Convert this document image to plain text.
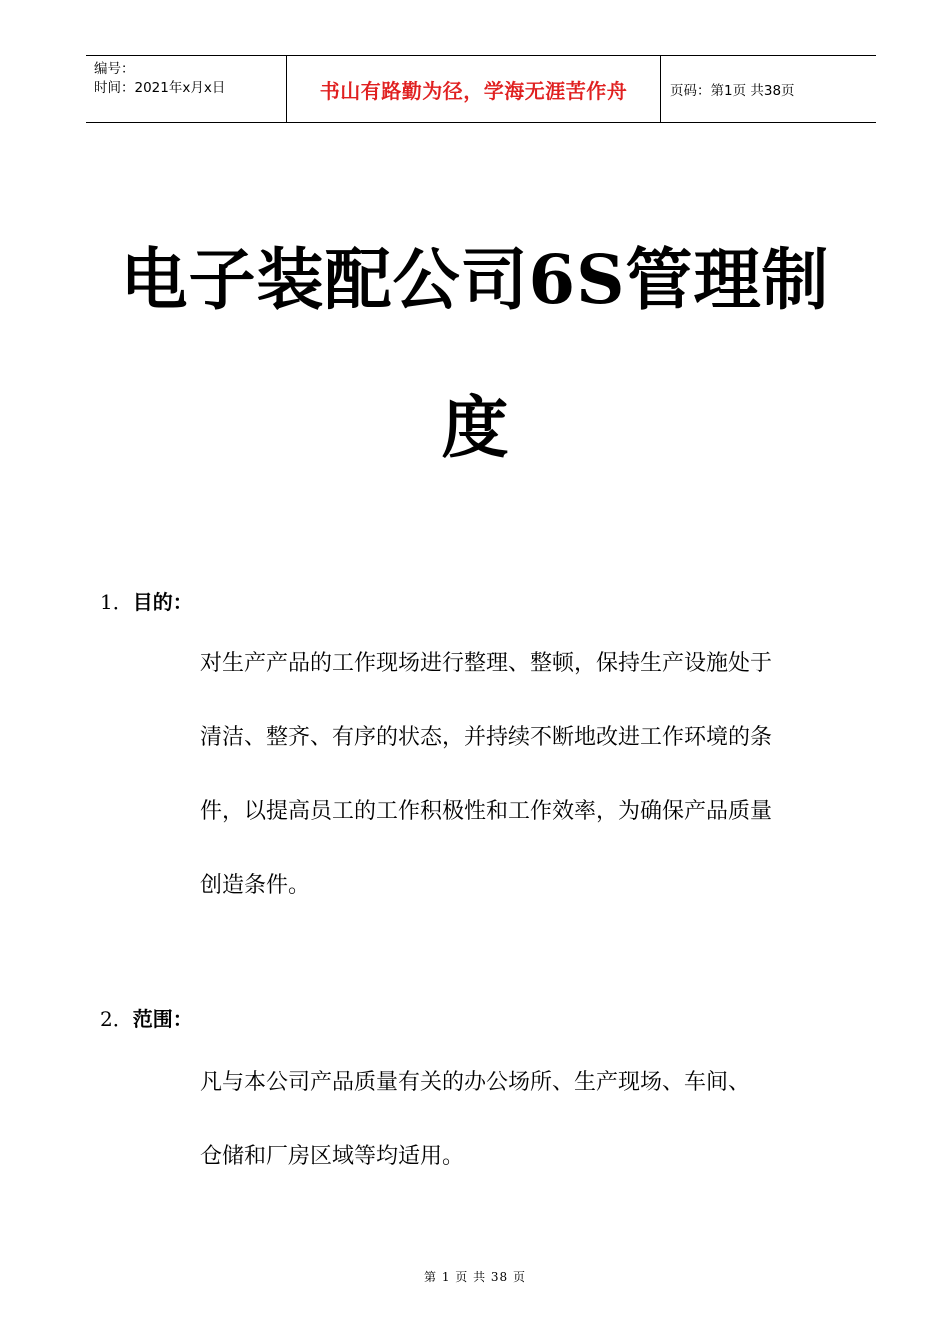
编号：
时间：2021年x月x日	书山有路勤为径，学海无涯苦作舟	页码：第1页 共38页
电子装配公司6S管理制
度
1．目的：
对生产产品的工作现场进行整理、整顿，保持生产设施处于
清洁、整齐、有序的状态，并持续不断地改进工作环境的条
件，以提高员工的工作积极性和工作效率，为确保产品质量
创造条件。
2．范围：
凡与本公司产品质量有关的办公场所、生产现场、车间、
仓储和厂房区域等均适用。
第 1 页 共 38 页
